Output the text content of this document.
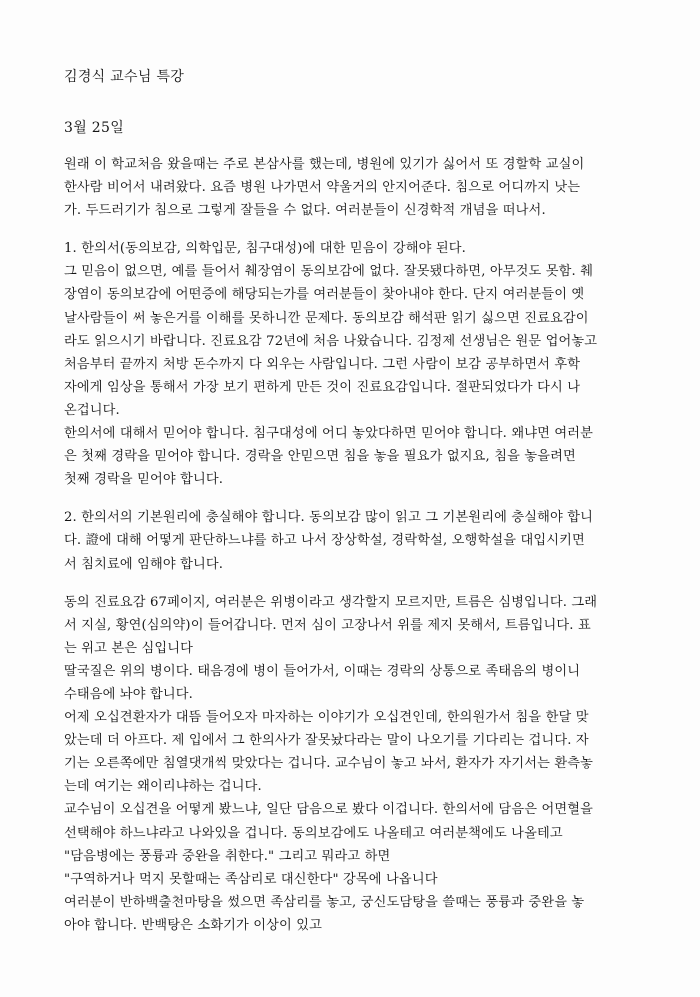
김경식 교수님 특강
3월 25일
원래 이 학교처음 왔을때는 주로 본삼사를 했는데, 병원에 있기가 싫어서 또 경할학 교실이
한사람 비어서 내려왔다. 요즘 병원 나가면서 약울거의 안지어준다. 침으로 어디까지 낫는
가. 두드러기가 침으로 그렇게 잘들을 수 없다. 여러분들이 신경학적 개념을 떠나서.
1. 한의서(동의보감, 의학입문, 침구대성)에 대한 믿음이 강해야 된다.
그 믿음이 없으면, 예를 들어서 췌장염이 동의보감에 없다. 잘못됐다하면, 아무것도 못함. 췌
장염이 동의보감에 어떤증에 해당되는가를 여러분들이 찾아내야 한다. 단지 여러분들이 옛
날사람들이 써 놓은거를 이해를 못하니깐 문제다. 동의보감 해석판 읽기 싫으면 진료요감이
라도 읽으시기 바랍니다. 진료요감 72년에 처음 나왔습니다. 김정제 선생님은 원문 업어놓고
처음부터 끝까지 처방 돈수까지 다 외우는 사람입니다. 그런 사람이 보감 공부하면서 후학
자에게 임상을 통해서 가장 보기 편하게 만든 것이 진료요감입니다. 절판되었다가 다시 나
온겁니다.
한의서에 대해서 믿어야 합니다. 침구대성에 어디 놓았다하면 믿어야 합니다. 왜냐면 여러분
은 첫째 경락을 믿어야 합니다. 경락을 안믿으면 침을 놓을 필요가 없지요, 침을 놓을려면
첫째 경락을 믿어야 합니다.
2. 한의서의 기본원리에 충실해야 합니다. 동의보감 많이 읽고 그 기본원리에 충실해야 합니
다. 證에 대해 어떻게 판단하느냐를 하고 나서 장상학설, 경락학설, 오행학설을 대입시키면
서 침치료에 임해야 합니다.
동의 진료요감 67페이지, 여러분은 위병이라고 생각할지 모르지만, 트름은 심병입니다. 그래
서 지실, 황연(심의약)이 들어갑니다. 먼저 심이 고장나서 위를 제지 못해서, 트름입니다. 표
는 위고 본은 심입니다
딸국질은 위의 병이다. 태음경에 병이 들어가서, 이때는 경락의 상통으로 족태음의 병이니
수태음에 놔야 합니다.
어제 오십견환자가 대뜸 들어오자 마자하는 이야기가 오십견인데, 한의원가서 침을 한달 맞
았는데 더 아프다. 제 입에서 그 한의사가 잘못놨다라는 말이 나오기를 기다리는 겁니다. 자
기는 오른쪽에만 침열댓개씩 맞았다는 겁니다. 교수님이 놓고 놔서, 환자가 자기서는 환측놓
는데 여기는 왜이리냐하는 겁니다.
교수님이 오십견을 어떻게 봤느냐, 일단 담음으로 봤다 이겁니다. 한의서에 담음은 어면혈을
선택해야 하느냐라고 나와있을 겁니다. 동의보감에도 나올테고 여러분책에도 나올테고
"담음병에는 풍륭과 중완을 취한다." 그리고 뭐라고 하면
"구역하거나 먹지 못할때는 족삼리로 대신한다" 강목에 나옵니다
여러분이 반하백출천마탕을 썼으면 족삼리를 놓고, 궁신도담탕을 쓸때는 풍륭과 중완을 놓
아야 합니다. 반백탕은 소화기가 이상이 있고
